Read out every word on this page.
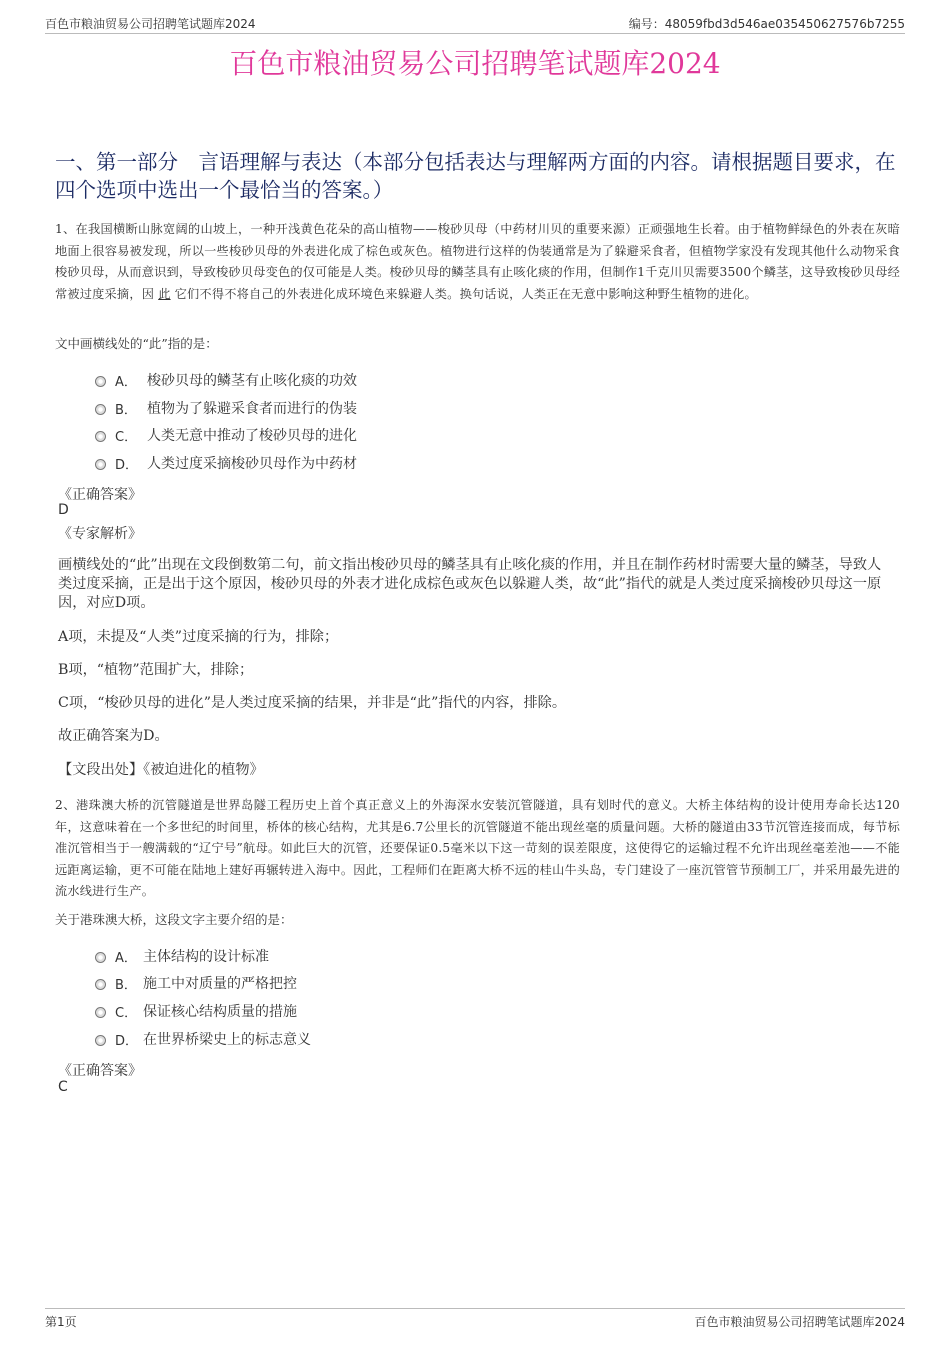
百色市粮油贸易公司招聘笔试题库2024	编号：48059fbd3d546ae035450627576b7255
百色市粮油贸易公司招聘笔试题库2024
一、第一部分　言语理解与表达（本部分包括表达与理解两方面的内容。请根据题目要求，在四个选项中选出一个最恰当的答案。）
1、在我国横断山脉宽阔的山坡上，一种开浅黄色花朵的高山植物——梭砂贝母（中药材川贝的重要来源）正顽强地生长着。由于植物鲜绿色的外表在灰暗地面上很容易被发现，所以一些梭砂贝母的外表进化成了棕色或灰色。植物进行这样的伪装通常是为了躲避采食者，但植物学家没有发现其他什么动物采食梭砂贝母，从而意识到，导致梭砂贝母变色的仅可能是人类。梭砂贝母的鳞茎具有止咳化痰的作用，但制作1千克川贝需要3500个鳞茎，这导致梭砂贝母经常被过度采摘，因 此 它们不得不将自己的外表进化成环境色来躲避人类。换句话说，人类正在无意中影响这种野生植物的进化。
文中画横线处的“此”指的是：
A． 梭砂贝母的鳞茎有止咳化痰的功效
B． 植物为了躲避采食者而进行的伪装
C． 人类无意中推动了梭砂贝母的进化
D． 人类过度采摘梭砂贝母作为中药材
《正确答案》
D
《专家解析》
画横线处的“此”出现在文段倒数第二句，前文指出梭砂贝母的鳞茎具有止咳化痰的作用，并且在制作药材时需要大量的鳞茎，导致人类过度采摘，正是出于这个原因，梭砂贝母的外表才进化成棕色或灰色以躲避人类，故“此”指代的就是人类过度采摘梭砂贝母这一原因，对应D项。
A项，未提及“人类”过度采摘的行为，排除；
B项，“植物”范围扩大，排除；
C项，“梭砂贝母的进化”是人类过度采摘的结果，并非是“此”指代的内容，排除。
故正确答案为D。
【文段出处】《被迫进化的植物》
2、港珠澳大桥的沉管隧道是世界岛隧工程历史上首个真正意义上的外海深水安装沉管隧道，具有划时代的意义。大桥主体结构的设计使用寿命长达120年，这意味着在一个多世纪的时间里，桥体的核心结构，尤其是6.7公里长的沉管隧道不能出现丝毫的质量问题。大桥的隧道由33节沉管连接而成，每节标准沉管相当于一艘满载的“辽宁号”航母。如此巨大的沉管，还要保证0.5毫米以下这一苛刻的误差限度，这使得它的运输过程不允许出现丝毫差池——不能远距离运输，更不可能在陆地上建好再辗转进入海中。因此，工程师们在距离大桥不远的桂山牛头岛，专门建设了一座沉管管节预制工厂，并采用最先进的流水线进行生产。
关于港珠澳大桥，这段文字主要介绍的是：
A． 主体结构的设计标准
B． 施工中对质量的严格把控
C． 保证核心结构质量的措施
D． 在世界桥梁史上的标志意义
《正确答案》
C
第1页	百色市粮油贸易公司招聘笔试题库2024
